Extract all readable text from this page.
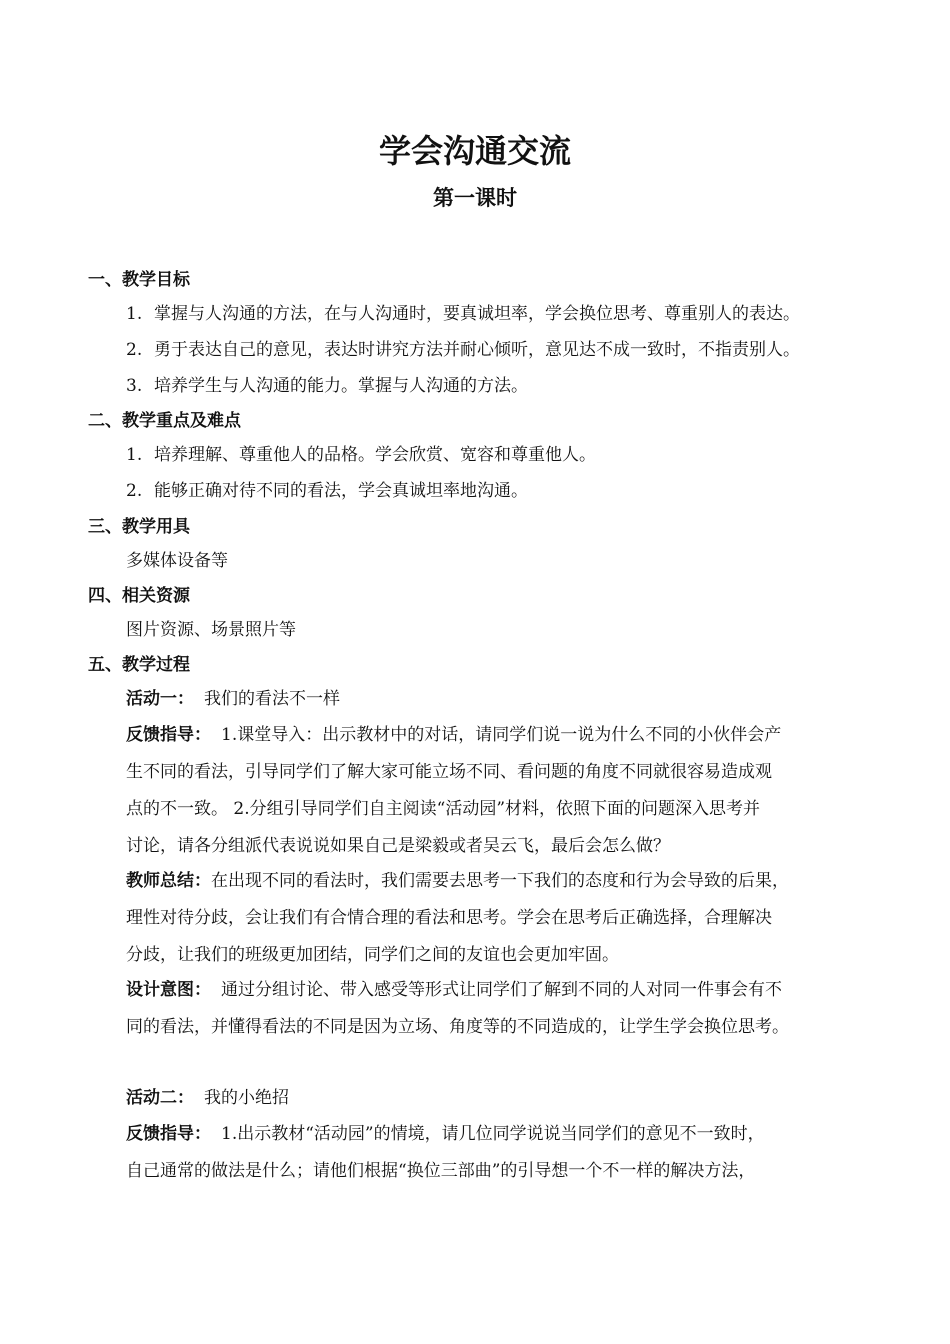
学会沟通交流
第一课时
一、教学目标
1. 掌握与人沟通的方法，在与人沟通时，要真诚坦率，学会换位思考、尊重别人的表达。
2. 勇于表达自己的意见，表达时讲究方法并耐心倾听，意见达不成一致时，不指责别人。
3. 培养学生与人沟通的能力。掌握与人沟通的方法。
二、教学重点及难点
1. 培养理解、尊重他人的品格。学会欣赏、宽容和尊重他人。
2. 能够正确对待不同的看法，学会真诚坦率地沟通。
三、教学用具
多媒体设备等
四、相关资源
图片资源、场景照片等
五、教学过程
活动一： 我们的看法不一样
反馈指导： 1.课堂导入：出示教材中的对话，请同学们说一说为什么不同的小伙伴会产
生不同的看法，引导同学们了解大家可能立场不同、看问题的角度不同就很容易造成观
点的不一致。 2.分组引导同学们自主阅读“活动园”材料，依照下面的问题深入思考并
讨论，请各分组派代表说说如果自己是梁毅或者吴云飞，最后会怎么做？
教师总结：在出现不同的看法时，我们需要去思考一下我们的态度和行为会导致的后果，
理性对待分歧，会让我们有合情合理的看法和思考。学会在思考后正确选择，合理解决
分歧，让我们的班级更加团结，同学们之间的友谊也会更加牢固。
设计意图： 通过分组讨论、带入感受等形式让同学们了解到不同的人对同一件事会有不
同的看法，并懂得看法的不同是因为立场、角度等的不同造成的，让学生学会换位思考。
活动二： 我的小绝招
反馈指导： 1.出示教材“活动园”的情境，请几位同学说说当同学们的意见不一致时，
自己通常的做法是什么；请他们根据“换位三部曲”的引导想一个不一样的解决方法，
